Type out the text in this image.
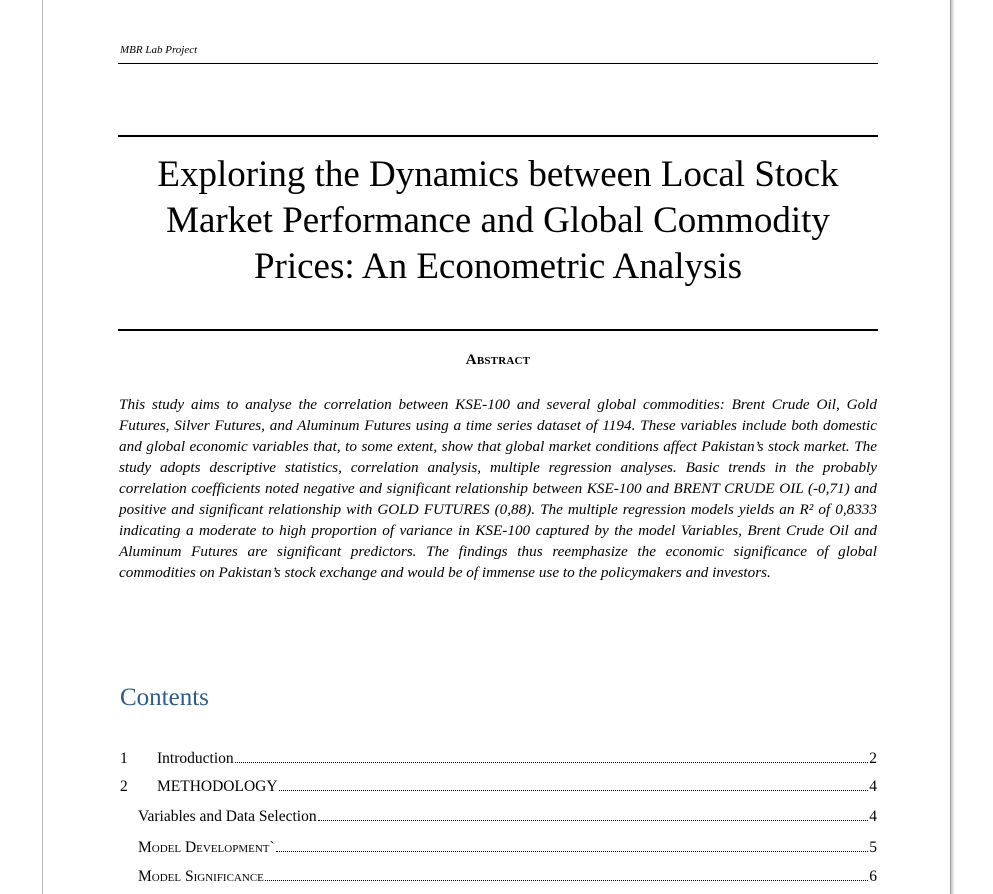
MBR Lab Project
Exploring the Dynamics between Local Stock
Market Performance and Global Commodity
Prices: An Econometric Analysis
Abstract

This study aims to analyse the correlation between KSE-100 and several global commodities: Brent Crude Oil, Gold Futures, Silver Futures, and Aluminum Futures using a time series dataset of 1194. These variables include both domestic and global economic variables that, to some extent, show that global market conditions affect Pakistan’s stock market. The study adopts descriptive statistics, correlation analysis, multiple regression analyses. Basic trends in the probably correlation coefficients noted negative and significant relationship between KSE-100 and BRENT CRUDE OIL (-0,71) and positive and significant relationship with GOLD FUTURES (0,88). The multiple regression models yields an R² of 0,8333 indicating a moderate to high proportion of variance in KSE-100 captured by the model Variables, Brent Crude Oil and Aluminum Futures are significant predictors. The findings thus reemphasize the economic significance of global commodities on Pakistan’s stock exchange and would be of immense use to the policymakers and investors.

Contents
1	Introduction	2
2	METHODOLOGY	4
Variables and Data Selection	4
Model Development`	5
Model Significance	6
